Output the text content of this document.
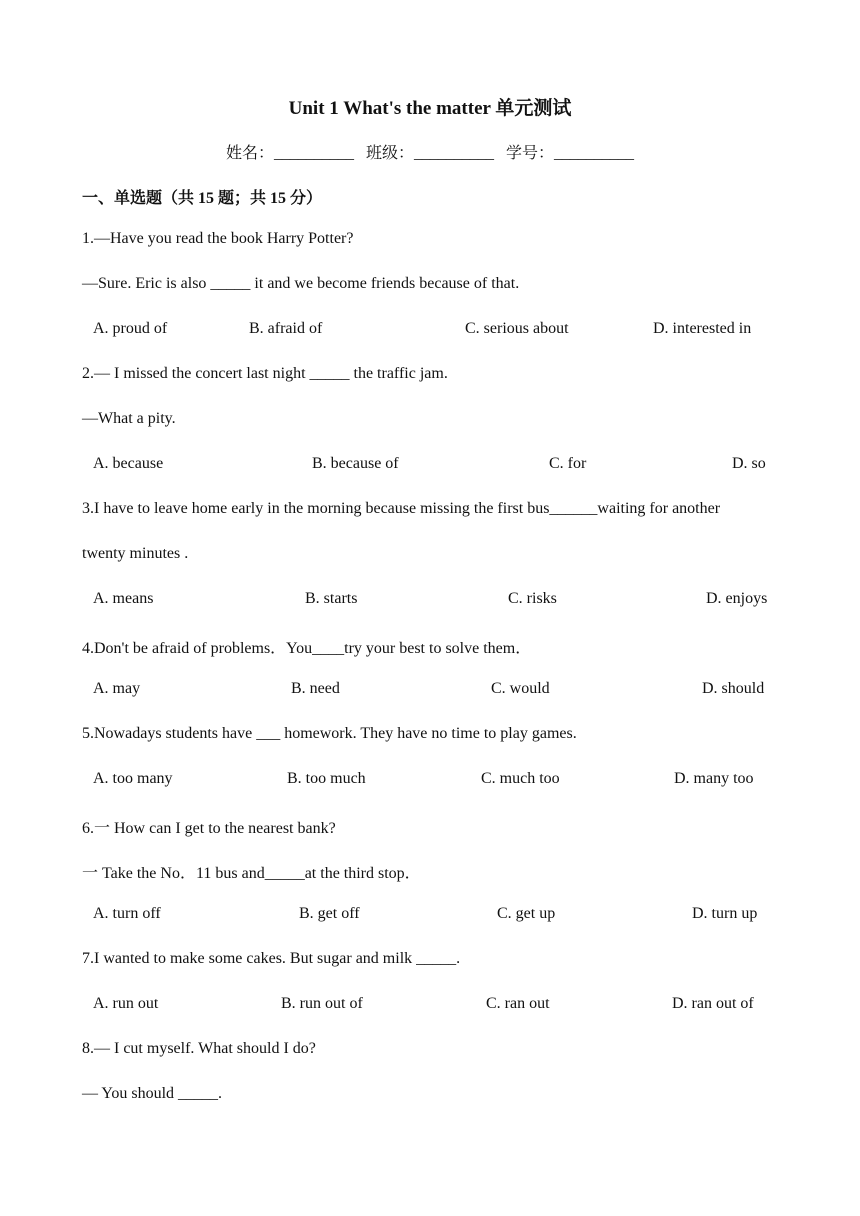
Unit 1 What's the matter 单元测试
姓名：__________ 班级：__________ 学号：__________
一、单选题（共 15 题；共 15 分）
1.—Have you read the book Harry Potter?
—Sure. Eric is also _____ it and we become friends because of that.
A. proud of	B. afraid of	C. serious about	D. interested in
2.— I missed the concert last night _____ the traffic jam.
—What a pity.
A. because	B. because of	C. for	D. so
3.I have to leave home early in the morning because missing the first bus______waiting for another
twenty minutes .
A. means	B. starts	C. risks	D. enjoys
4.Don't be afraid of problems．You____try your best to solve them．
A. may	B. need	C. would	D. should
5.Nowadays students have ___ homework. They have no time to play games.
A. too many	B. too much	C. much too	D. many too
6.一 How can I get to the nearest bank?
一 Take the No．11 bus and_____at the third stop．
A. turn off	B. get off	C. get up	D. turn up
7.I wanted to make some cakes. But sugar and milk _____.
A. run out	B. run out of	C. ran out	D. ran out of
8.— I cut myself. What should I do?
— You should _____.
